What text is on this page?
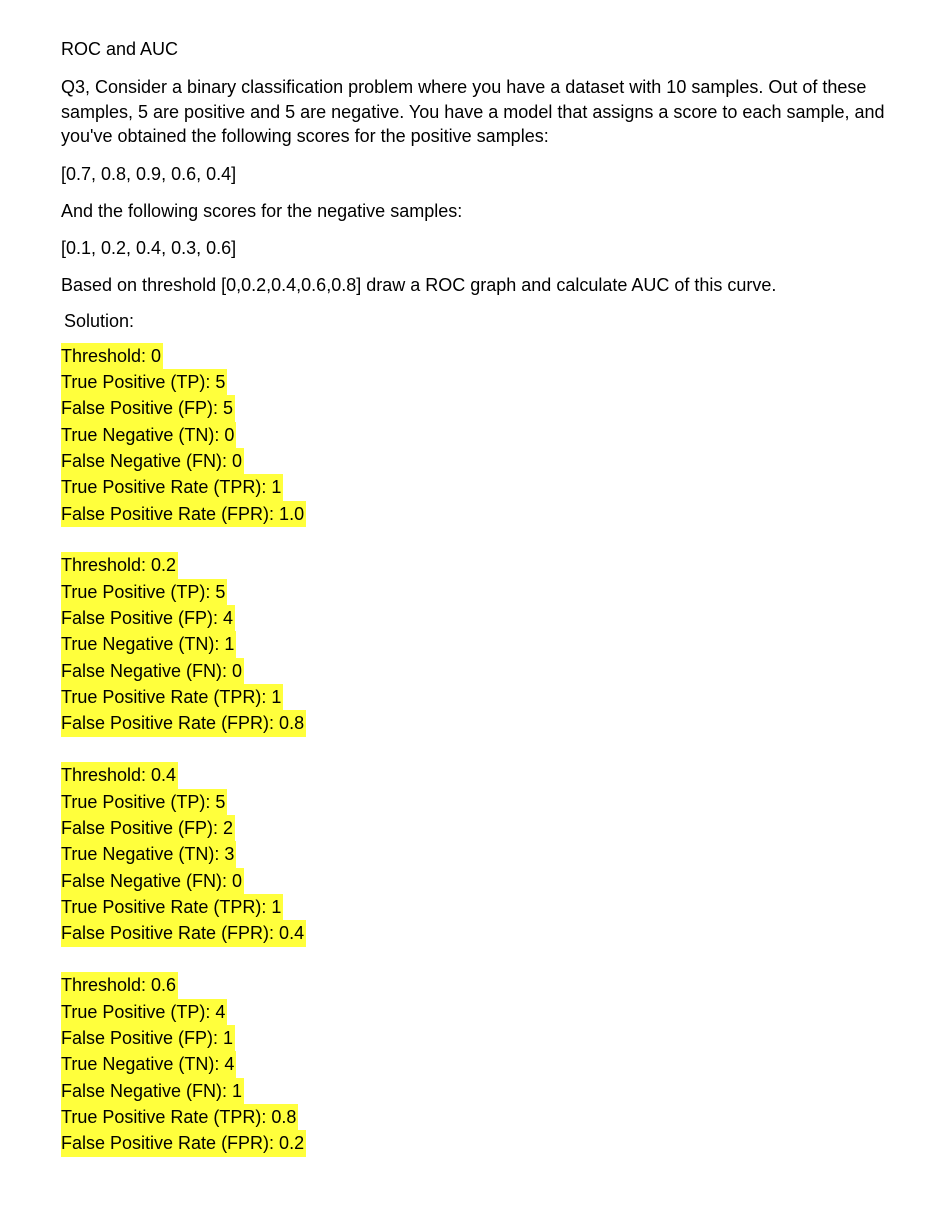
ROC and AUC
Q3, Consider a binary classification problem where you have a dataset with 10 samples. Out of these samples, 5 are positive and 5 are negative. You have a model that assigns a score to each sample, and you've obtained the following scores for the positive samples:
[0.7, 0.8, 0.9, 0.6, 0.4]
And the following scores for the negative samples:
[0.1, 0.2, 0.4, 0.3, 0.6]
Based on threshold [0,0.2,0.4,0.6,0.8] draw a ROC graph and calculate AUC of this curve.
Solution:
Threshold: 0
True Positive (TP): 5
False Positive (FP): 5
True Negative (TN): 0
False Negative (FN): 0
True Positive Rate (TPR): 1
False Positive Rate (FPR): 1.0
Threshold: 0.2
True Positive (TP): 5
False Positive (FP): 4
True Negative (TN): 1
False Negative (FN): 0
True Positive Rate (TPR): 1
False Positive Rate (FPR): 0.8
Threshold: 0.4
True Positive (TP): 5
False Positive (FP): 2
True Negative (TN): 3
False Negative (FN): 0
True Positive Rate (TPR): 1
False Positive Rate (FPR): 0.4
Threshold: 0.6
True Positive (TP): 4
False Positive (FP): 1
True Negative (TN): 4
False Negative (FN): 1
True Positive Rate (TPR): 0.8
False Positive Rate (FPR): 0.2
